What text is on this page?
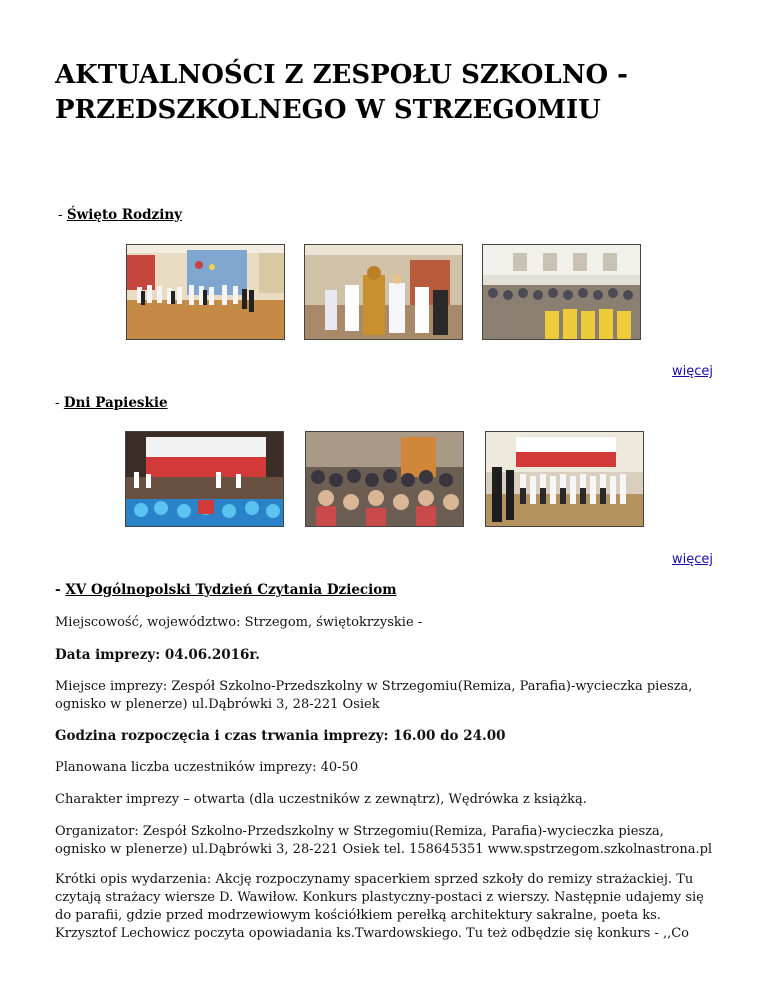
AKTUALNOŚCI Z ZESPOŁU SZKOLNO - PRZEDSZKOLNEGO W STRZEGOMIU

- Święto Rodziny

więcej

- Dni Papieskie

więcej

- XV Ogólnopolski Tydzień Czytania Dzieciom

Miejscowość, województwo: Strzegom, świętokrzyskie -

Data imprezy: 04.06.2016r.

Miejsce imprezy: Zespół Szkolno-Przedszkolny w Strzegomiu(Remiza, Parafia)-wycieczka piesza, ognisko w plenerze) ul.Dąbrówki 3, 28-221 Osiek

Godzina rozpoczęcia i czas trwania imprezy: 16.00 do 24.00

Planowana liczba uczestników imprezy: 40-50

Charakter imprezy – otwarta (dla uczestników z zewnątrz), Wędrówka z książką.

Organizator: Zespół Szkolno-Przedszkolny w Strzegomiu(Remiza, Parafia)-wycieczka piesza, ognisko w plenerze) ul.Dąbrówki 3, 28-221 Osiek tel. 158645351 www.spstrzegom.szkolnastrona.pl

Krótki opis wydarzenia: Akcję rozpoczynamy spacerkiem sprzed szkoły do remizy strażackiej. Tu czytają strażacy wiersze D. Wawiłow. Konkurs plastyczny-postaci z wierszy. Następnie udajemy się do parafii, gdzie przed modrzewiowym kościółkiem perełką architektury sakralne, poeta ks. Krzysztof Lechowicz poczyta opowiadania ks.Twardowskiego. Tu też odbędzie się konkurs - ,,Co
